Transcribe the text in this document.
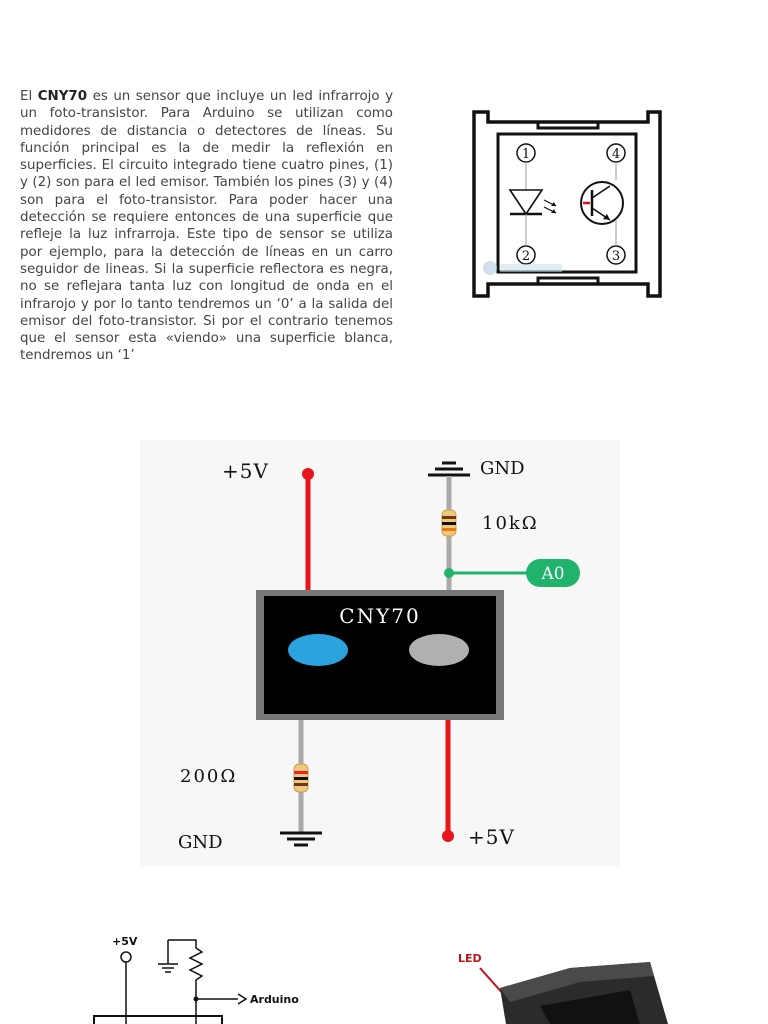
El CNY70 es un sensor que incluye un led infrarrojo y un foto-transistor. Para Arduino se utilizan como medidores de distancia o detectores de líneas. Su función principal es la de medir la reflexión en superficies. El circuito integrado tiene cuatro pines, (1) y (2) son para el led emisor. También los pines (3) y (4) son para el foto-transistor. Para poder hacer una detección se requiere entonces de una superficie que refleje la luz infrarroja. Este tipo de sensor se utiliza por ejemplo, para la detección de líneas en un carro seguidor de lineas. Si la superficie reflectora es negra, no se reflejara tanta luz con longitud de onda en el infrarojo y por lo tanto tendremos un ‘0’ a la salida del emisor del foto-transistor. Si por el contrario tenemos que el sensor esta «viendo» una superficie blanca, tendremos un ‘1’
1	4
2	3
+5V	GND
10kΩ
A0
CNY70
200Ω
GND	+5V
+5V
Arduino
LED
